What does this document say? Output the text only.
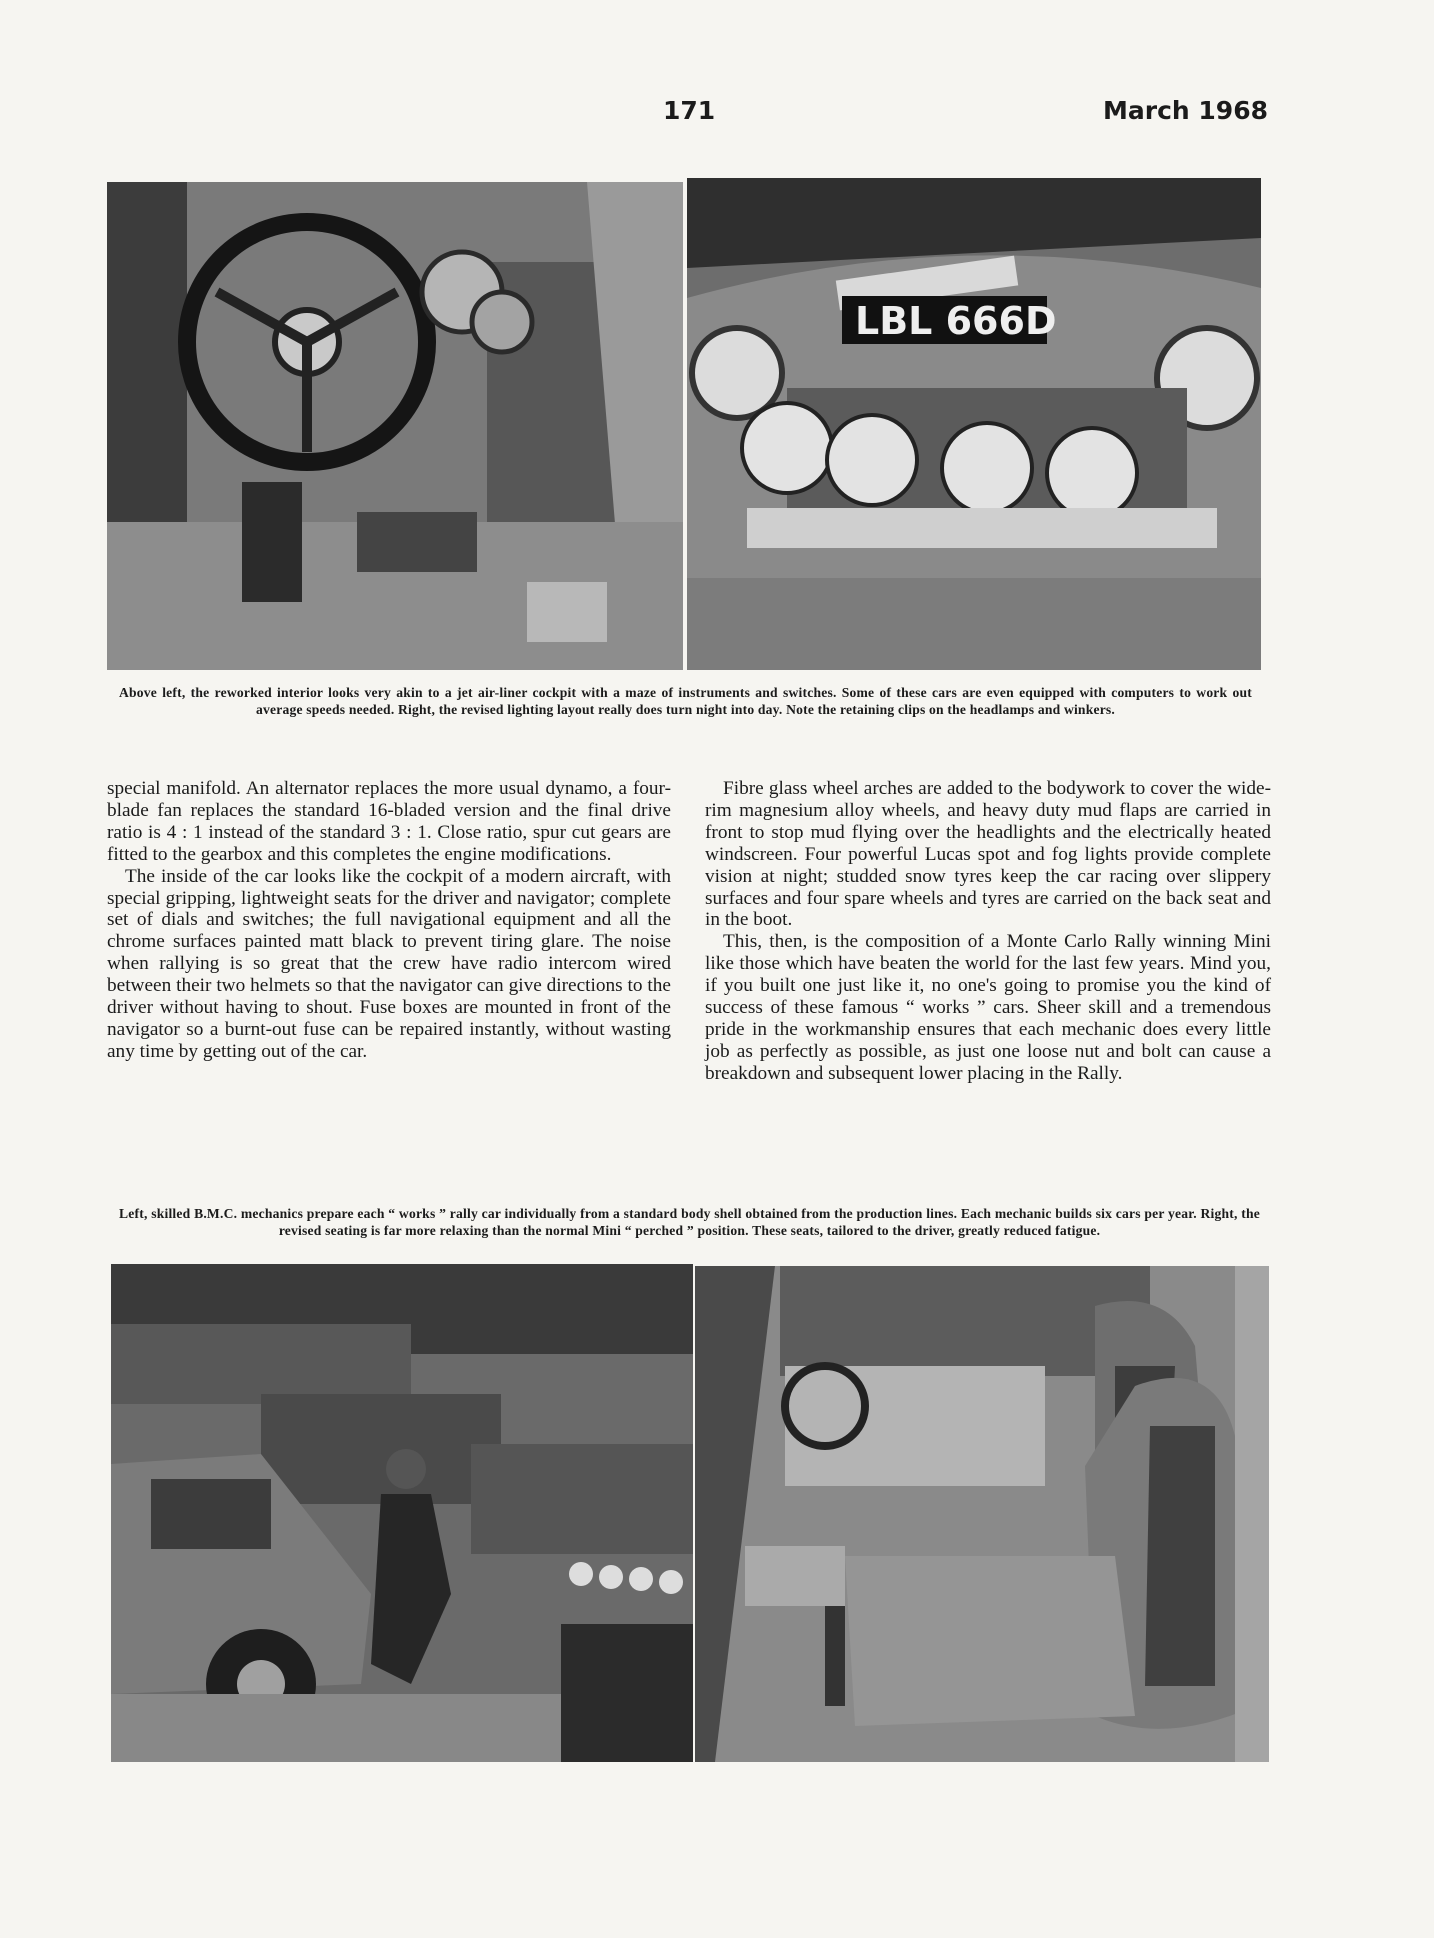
171	March 1968
LBL 666D
Above left, the reworked interior looks very akin to a jet air-liner cockpit with a maze of instruments and switches. Some of these cars are even equipped with computers to work out average speeds needed. Right, the revised lighting layout really does turn night into day. Note the retaining clips on the headlamps and winkers.

special manifold. An alternator replaces the more usual dynamo, a four-blade fan replaces the standard 16-bladed version and the final drive ratio is 4 : 1 instead of the standard 3 : 1. Close ratio, spur cut gears are fitted to the gearbox and this completes the engine modifications.

The inside of the car looks like the cockpit of a modern aircraft, with special gripping, lightweight seats for the driver and navigator; complete set of dials and switches; the full navigational equipment and all the chrome surfaces painted matt black to prevent tiring glare. The noise when rallying is so great that the crew have radio intercom wired between their two helmets so that the navigator can give directions to the driver without having to shout. Fuse boxes are mounted in front of the navigator so a burnt-out fuse can be repaired instantly, without wasting any time by getting out of the car.

Fibre glass wheel arches are added to the bodywork to cover the wide-rim magnesium alloy wheels, and heavy duty mud flaps are carried in front to stop mud flying over the headlights and the electrically heated windscreen. Four powerful Lucas spot and fog lights provide complete vision at night; studded snow tyres keep the car racing over slippery surfaces and four spare wheels and tyres are carried on the back seat and in the boot.

This, then, is the composition of a Monte Carlo Rally winning Mini like those which have beaten the world for the last few years. Mind you, if you built one just like it, no one's going to promise you the kind of success of these famous “ works ” cars. Sheer skill and a tremendous pride in the workmanship ensures that each mechanic does every little job as perfectly as possible, as just one loose nut and bolt can cause a breakdown and subsequent lower placing in the Rally.

Left, skilled B.M.C. mechanics prepare each “ works ” rally car individually from a standard body shell obtained from the production lines. Each mechanic builds six cars per year. Right, the revised seating is far more relaxing than the normal Mini “ perched ” position. These seats, tailored to the driver, greatly reduced fatigue.
